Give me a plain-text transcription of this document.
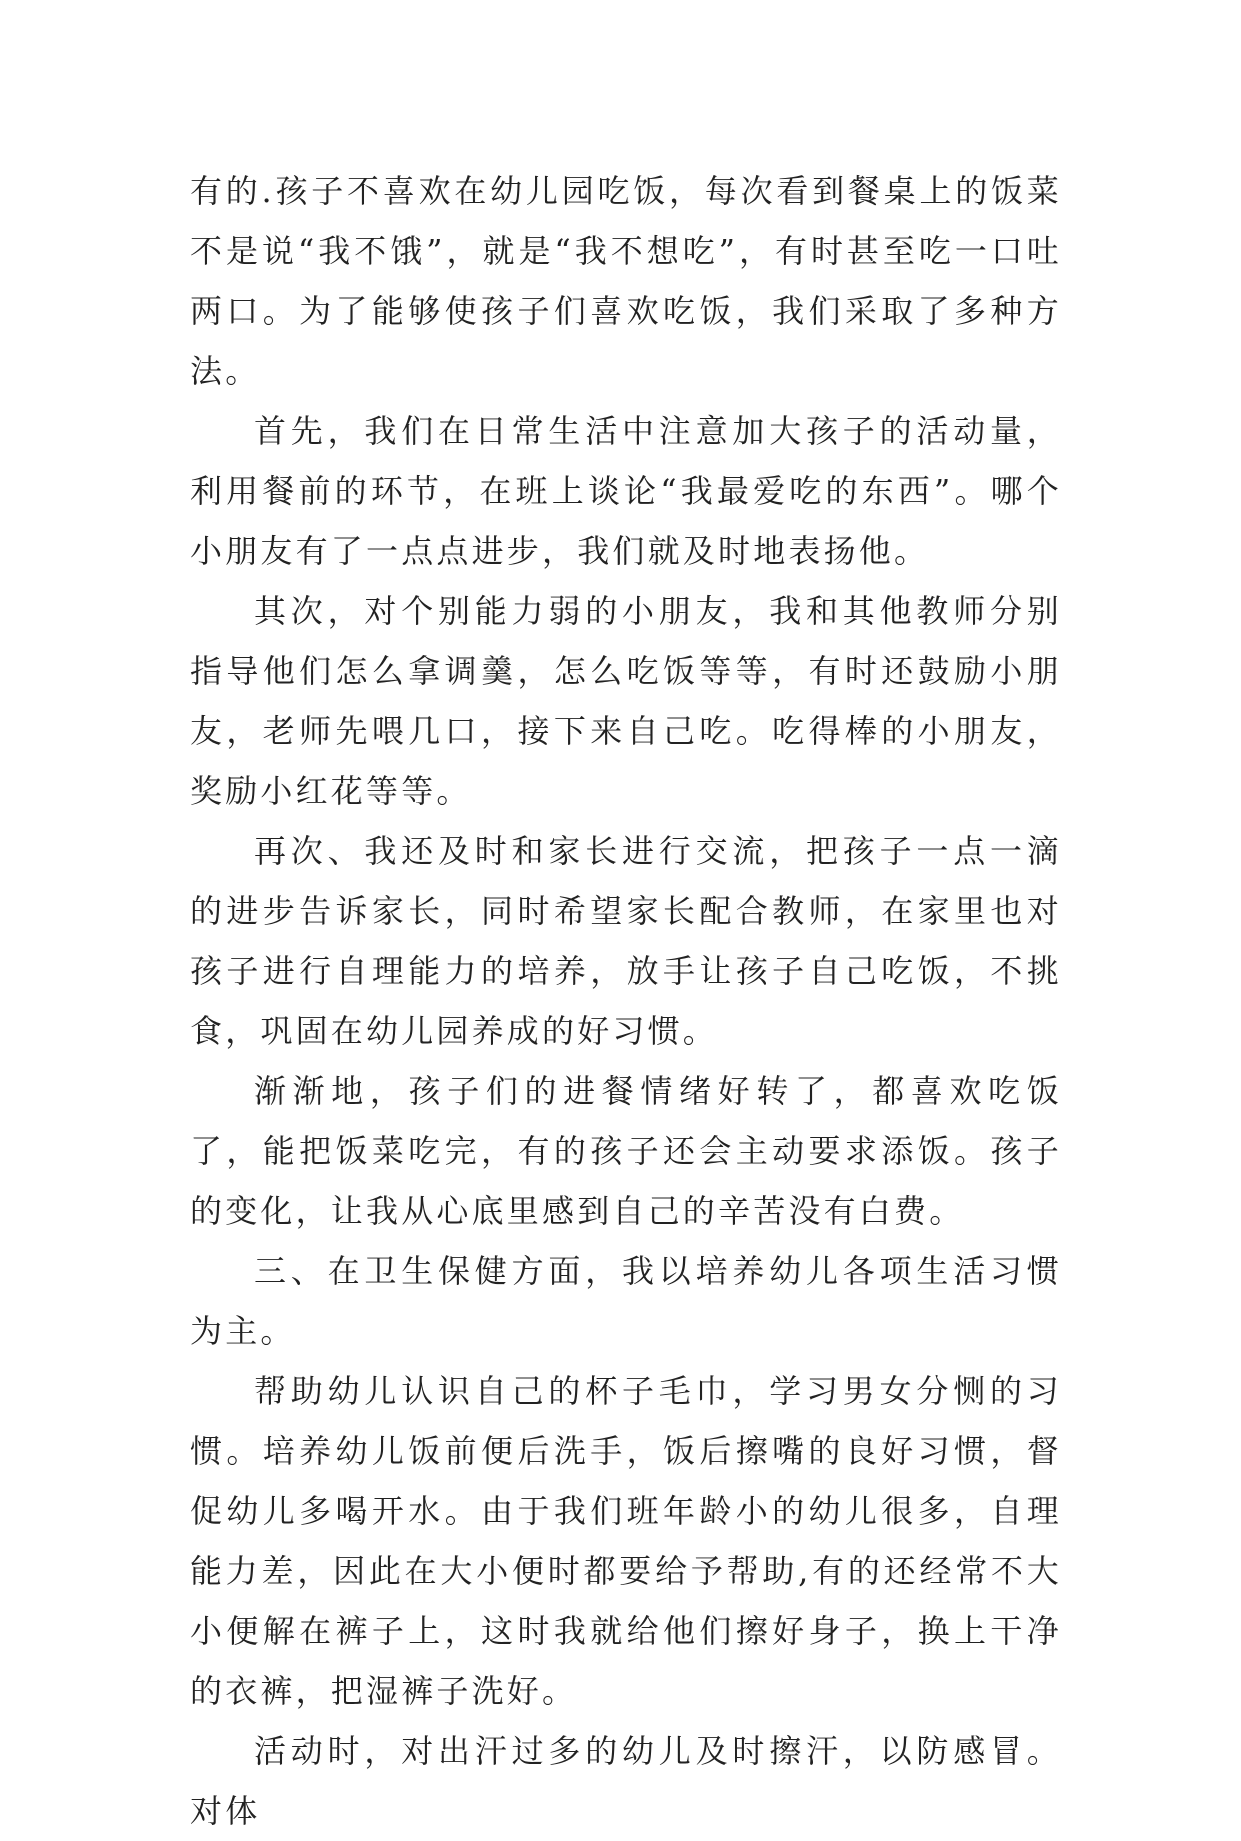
有的.孩子不喜欢在幼儿园吃饭，每次看到餐桌上的饭菜不是说“我不饿”，就是“我不想吃”，有时甚至吃一口吐两口。为了能够使孩子们喜欢吃饭，我们采取了多种方法。

首先，我们在日常生活中注意加大孩子的活动量，利用餐前的环节，在班上谈论“我最爱吃的东西”。哪个小朋友有了一点点进步，我们就及时地表扬他。

其次，对个别能力弱的小朋友，我和其他教师分别指导他们怎么拿调羹，怎么吃饭等等，有时还鼓励小朋友，老师先喂几口，接下来自己吃。吃得棒的小朋友，奖励小红花等等。

再次、我还及时和家长进行交流，把孩子一点一滴的进步告诉家长，同时希望家长配合教师，在家里也对孩子进行自理能力的培养，放手让孩子自己吃饭，不挑食，巩固在幼儿园养成的好习惯。

渐渐地，孩子们的进餐情绪好转了，都喜欢吃饭了，能把饭菜吃完，有的孩子还会主动要求添饭。孩子的变化，让我从心底里感到自己的辛苦没有白费。

三、在卫生保健方面，我以培养幼儿各项生活习惯为主。

帮助幼儿认识自己的杯子毛巾，学习男女分恻的习惯。培养幼儿饭前便后洗手，饭后擦嘴的良好习惯，督促幼儿多喝开水。由于我们班年龄小的幼儿很多，自理能力差，因此在大小便时都要给予帮助,有的还经常不大小便解在裤子上，这时我就给他们擦好身子，换上干净的衣裤，把湿裤子洗好。

活动时，对出汗过多的幼儿及时擦汗，以防感冒。对体
